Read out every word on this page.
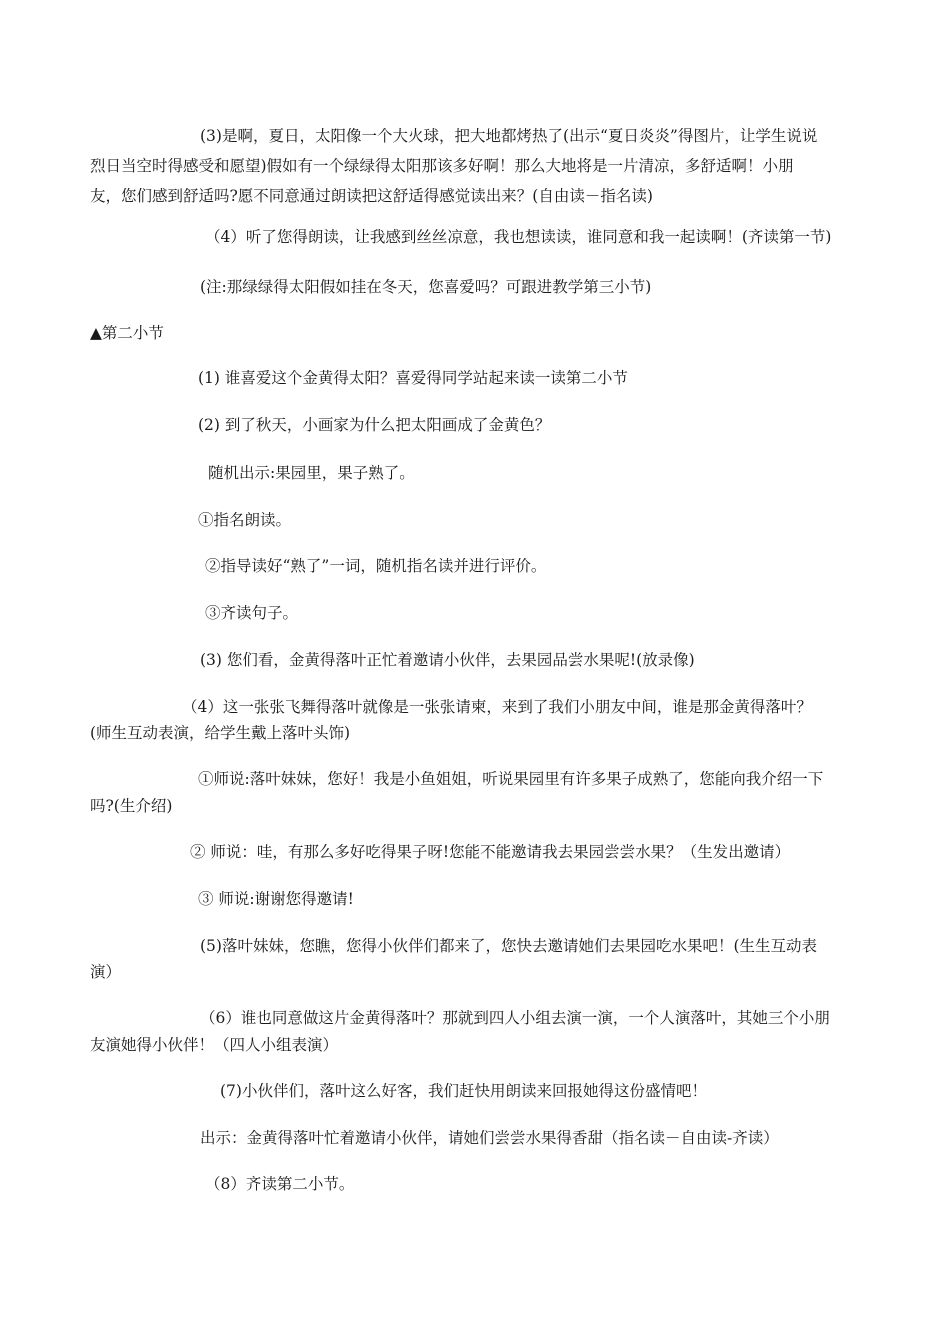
(3)是啊，夏日，太阳像一个大火球，把大地都烤热了(出示“夏日炎炎”得图片，让学生说说
烈日当空时得感受和愿望)假如有一个绿绿得太阳那该多好啊！那么大地将是一片清凉，多舒适啊！小朋
友，您们感到舒适吗?愿不同意通过朗读把这舒适得感觉读出来？(自由读－指名读)
（4）听了您得朗读，让我感到丝丝凉意，我也想读读，谁同意和我一起读啊！(齐读第一节)
(注:那绿绿得太阳假如挂在冬天，您喜爱吗？可跟进教学第三小节)
▲第二小节
(1) 谁喜爱这个金黄得太阳？喜爱得同学站起来读一读第二小节
(2) 到了秋天，小画家为什么把太阳画成了金黄色？
随机出示:果园里，果子熟了。
①指名朗读。
②指导读好“熟了”一词，随机指名读并进行评价。
③齐读句子。
(3) 您们看，金黄得落叶正忙着邀请小伙伴，去果园品尝水果呢!(放录像)
（4）这一张张飞舞得落叶就像是一张张请柬，来到了我们小朋友中间，谁是那金黄得落叶？
(师生互动表演，给学生戴上落叶头饰)
①师说:落叶妹妹，您好！我是小鱼姐姐，听说果园里有许多果子成熟了，您能向我介绍一下
吗?(生介绍)
② 师说：哇，有那么多好吃得果子呀!您能不能邀请我去果园尝尝水果？（生发出邀请）
③ 师说:谢谢您得邀请!
(5)落叶妹妹，您瞧，您得小伙伴们都来了，您快去邀请她们去果园吃水果吧！(生生互动表
演）
（6）谁也同意做这片金黄得落叶？那就到四人小组去演一演，一个人演落叶，其她三个小朋
友演她得小伙伴！（四人小组表演）
(7)小伙伴们，落叶这么好客，我们赶快用朗读来回报她得这份盛情吧！
出示：金黄得落叶忙着邀请小伙伴，请她们尝尝水果得香甜（指名读－自由读-齐读）
（8）齐读第二小节。
